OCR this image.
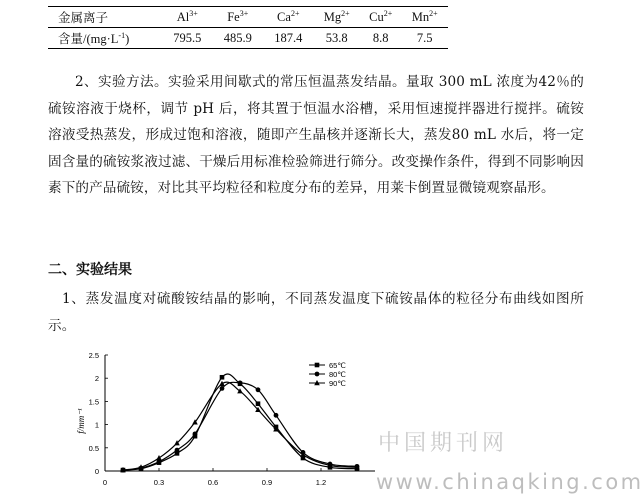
金属离子	$Al^{3+}$	$Fe^{3+}$	$Ca^{2+}$	$Mg^{2+}$	$Cu^{2+}$	$Mn^{2+}$
含量$/(mg\cdot L^{-1})$	795.5	485.9	187.4	53.8	8.8	7.5

2、实验方法。实验采用间歇式的常压恒温蒸发结晶。量取 300 mL 浓度为42％的硫铵溶液于烧杯，调节 pH 后，将其置于恒温水浴槽，采用恒速搅拌器进行搅拌。硫铵溶液受热蒸发，形成过饱和溶液，随即产生晶核并逐渐长大，蒸发80 mL 水后，将一定固含量的硫铵浆液过滤、干燥后用标准检验筛进行筛分。改变操作条件，得到不同影响因素下的产品硫铵，对比其平均粒径和粒度分布的差异，用莱卡倒置显微镜观察晶形。

二、实验结果

1、蒸发温度对硫酸铵结晶的影响，不同蒸发温度下硫铵晶体的粒径分布曲线如图所示。

0
0.5
1
1.5
2
2.5
0	0.3	0.6	0.9	1.2
f/mm⁻¹
65℃
80℃
90℃
中国期刊网
www.chinaqking.com
